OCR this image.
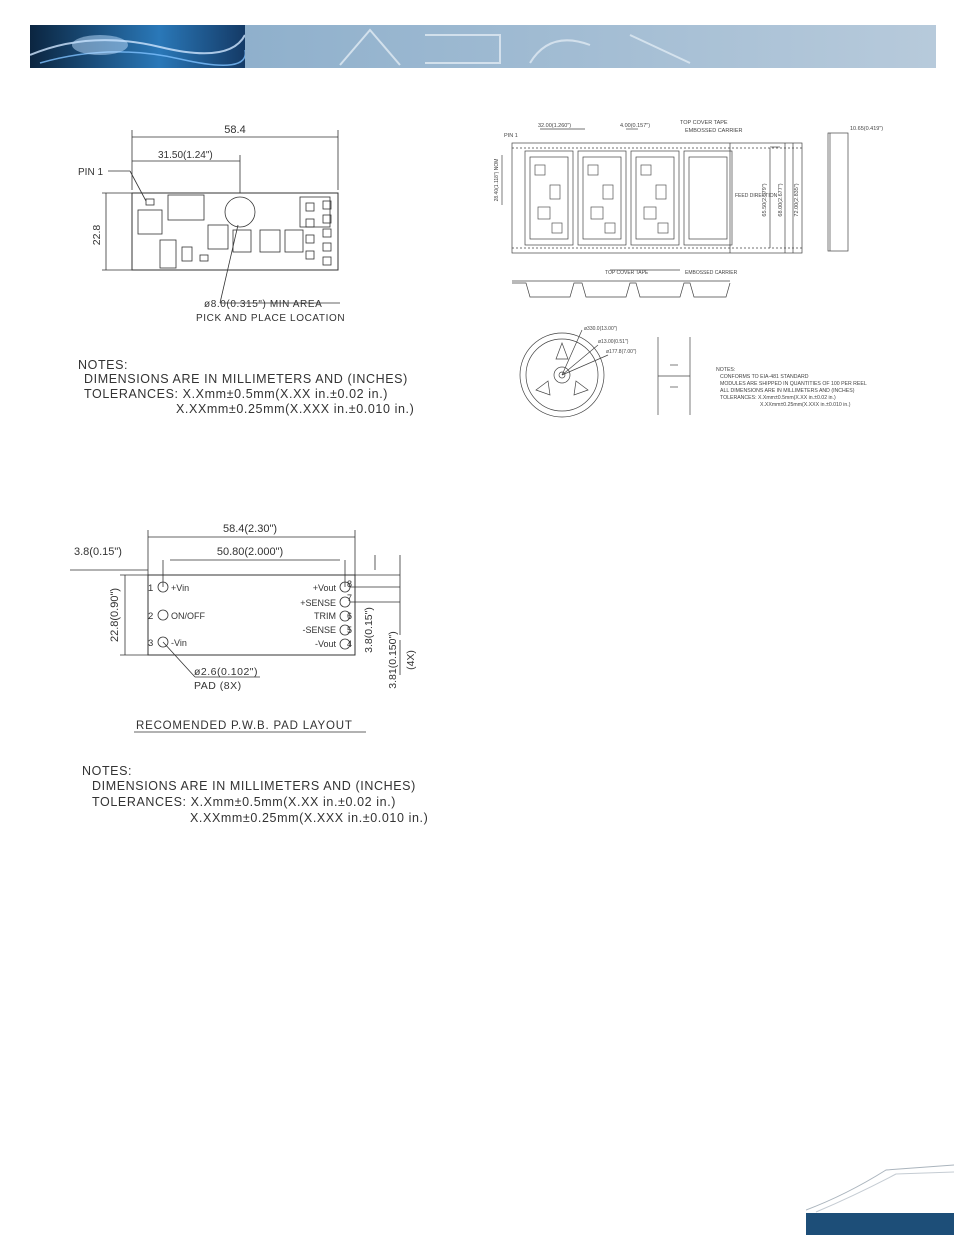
58.4
31.50(1.24")
PIN 1
22.8
ø8.0(0.315") MIN AREA
PICK AND PLACE LOCATION
NOTES:
DIMENSIONS ARE IN MILLIMETERS AND (INCHES)
TOLERANCES: X.Xmm±0.5mm(X.XX in.±0.02 in.)
X.XXmm±0.25mm(X.XXX in.±0.010 in.)
PIN 1
32.00(1.260")	4.00(0.157")	TOP COVER TAPE
EMBOSSED CARRIER
FEED DIRECTION
28.40(1.118") NOM	65.50(2.579") 68.00(2.677") 72.00(2.835")
10.65(0.419")
TOP COVER TAPE	EMBOSSED CARRIER
ø330.0(13.00")
ø13.00(0.51")
ø177.8(7.00")
NOTES:
CONFORMS TO EIA-481 STANDARD
MODULES ARE SHIPPED IN QUANTITIES OF 100 PER REEL
ALL DIMENSIONS ARE IN MILLIMETERS AND (INCHES)
TOLERANCES: X.Xmm±0.5mm(X.XX in.±0.02 in.)
X.XXmm±0.25mm(X.XXX in.±0.010 in.)
58.4(2.30")
50.80(2.000")
3.8(0.15")
22.8(0.90")	1 +Vin
2 ON/OFF
3 -Vin
+Vout 8
+SENSE 7
TRIM 6
-SENSE 5
-Vout 4 3.8(0.15")
3.81(0.150") (4X)
ø2.6(0.102")
PAD (8X)
RECOMENDED P.W.B. PAD LAYOUT
NOTES:
DIMENSIONS ARE IN MILLIMETERS AND (INCHES)
TOLERANCES: X.Xmm±0.5mm(X.XX in.±0.02 in.)
X.XXmm±0.25mm(X.XXX in.±0.010 in.)
